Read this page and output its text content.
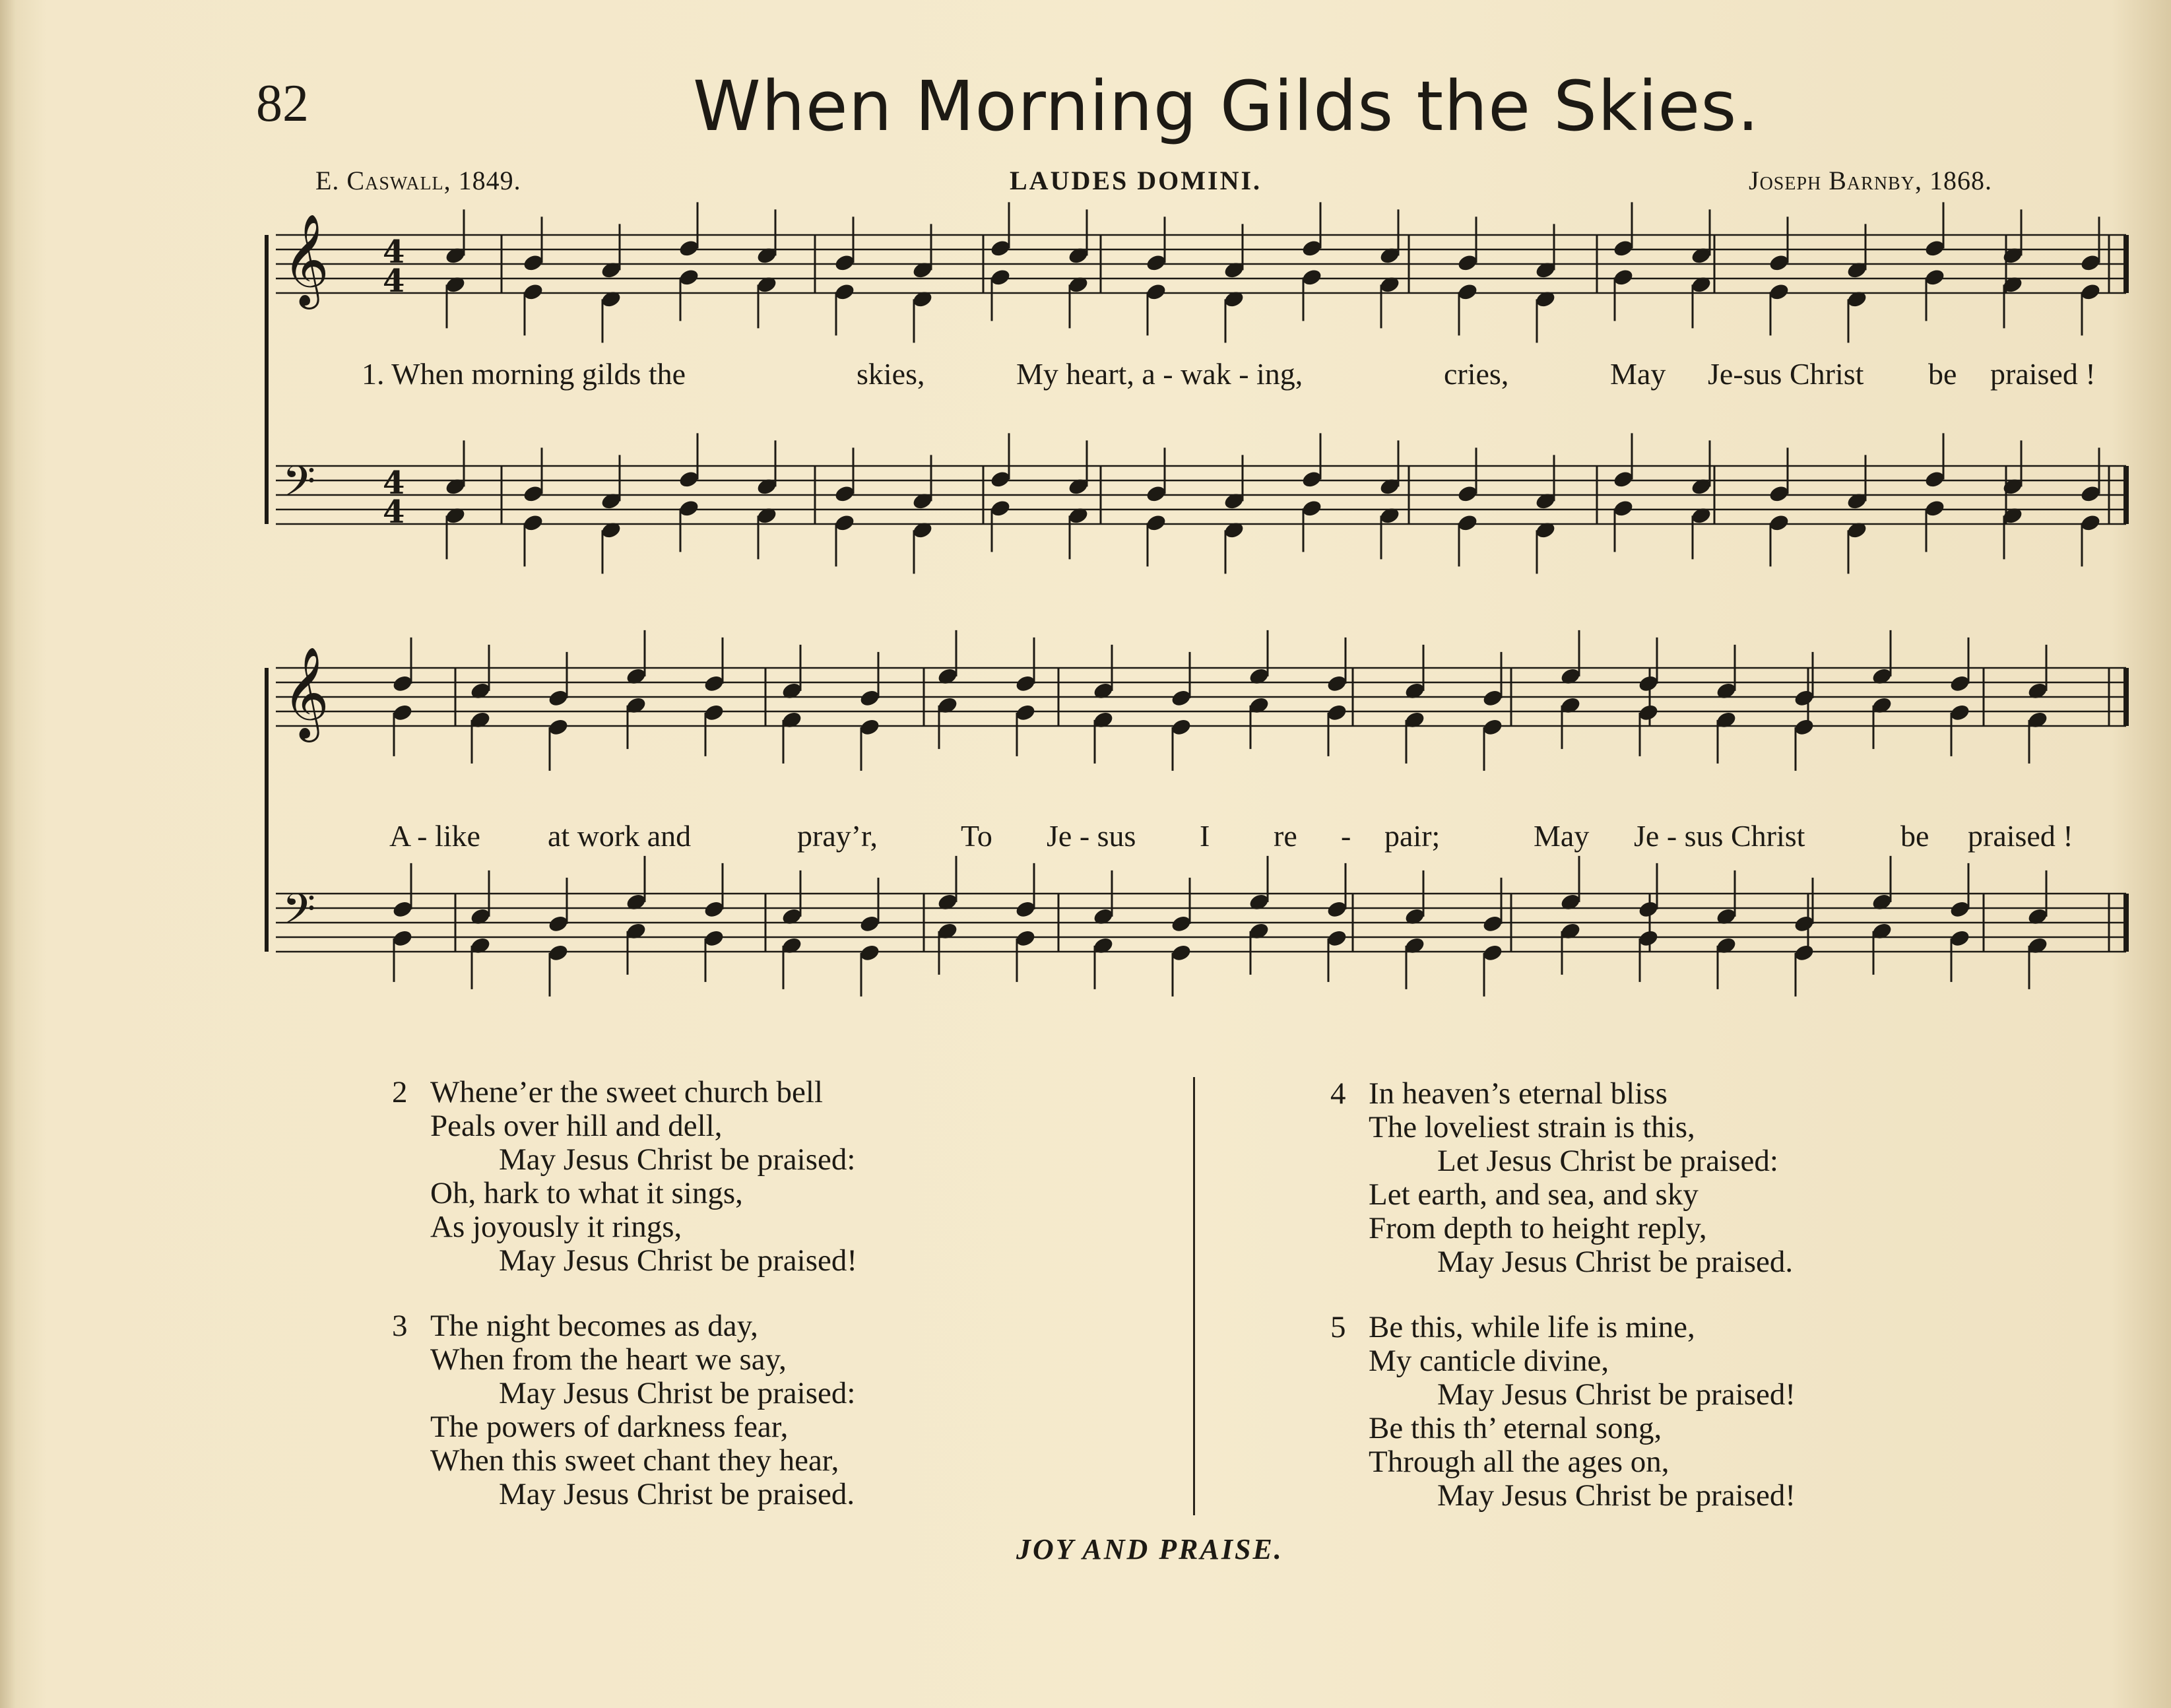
82	When Morning Gilds the Skies.
E. Caswall, 1849.	LAUDES DOMINI.	Joseph Barnby, 1868.
𝄞 4
4
𝄢 4
4
𝄞
𝄢
1. When morning gilds the	skies,	My heart, a - wak - ing,	cries,	May Je-sus Christ be praised !
A - like at work and	pray’r,	To Je - sus I re - pair;	May Je - sus Christ	be praised !
2 Whene’er the sweet church bell
Peals over hill and dell,
May Jesus Christ be praised:
Oh, hark to what it sings,
As joyously it rings,
May Jesus Christ be praised!
3 The night becomes as day,
When from the heart we say,
May Jesus Christ be praised:
The powers of darkness fear,
When this sweet chant they hear,
May Jesus Christ be praised.
4 In heaven’s eternal bliss
The loveliest strain is this,
Let Jesus Christ be praised:
Let earth, and sea, and sky
From depth to height reply,
May Jesus Christ be praised.
5 Be this, while life is mine,
My canticle divine,
May Jesus Christ be praised!
Be this th’ eternal song,
Through all the ages on,
May Jesus Christ be praised!
JOY AND PRAISE.
